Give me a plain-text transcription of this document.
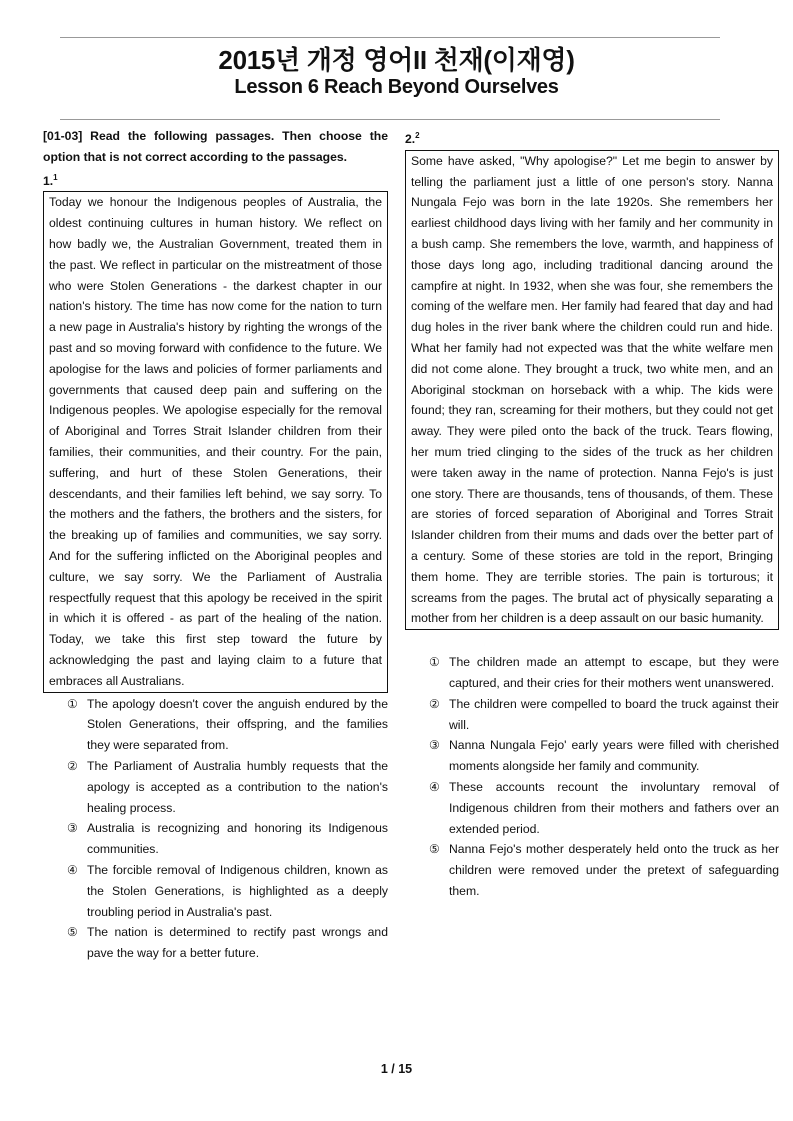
2015년 개정 영어II 천재(이재영)
Lesson 6 Reach Beyond Ourselves
[01-03] Read the following passages. Then choose the option that is not correct according to the passages.
1.$^1$
Today we honour the Indigenous peoples of Australia, the oldest continuing cultures in human history. We reflect on how badly we, the Australian Government, treated them in the past. We reflect in particular on the mistreatment of those who were Stolen Generations - the darkest chapter in our nation's history. The time has now come for the nation to turn a new page in Australia's history by righting the wrongs of the past and so moving forward with confidence to the future. We apologise for the laws and policies of former parliaments and governments that caused deep pain and suffering on the Indigenous peoples. We apologise especially for the removal of Aboriginal and Torres Strait Islander children from their families, their communities, and their country. For the pain, suffering, and hurt of these Stolen Generations, their descendants, and their families left behind, we say sorry. To the mothers and the fathers, the brothers and the sisters, for the breaking up of families and communities, we say sorry. And for the suffering inflicted on the Aboriginal peoples and culture, we say sorry. We the Parliament of Australia respectfully request that this apology be received in the spirit in which it is offered - as part of the healing of the nation. Today, we take this first step toward the future by acknowledging the past and laying claim to a future that embraces all Australians.
① The apology doesn't cover the anguish endured by the Stolen Generations, their offspring, and the families they were separated from.
② The Parliament of Australia humbly requests that the apology is accepted as a contribution to the nation's healing process.
③ Australia is recognizing and honoring its Indigenous communities.
④ The forcible removal of Indigenous children, known as the Stolen Generations, is highlighted as a deeply troubling period in Australia's past.
⑤ The nation is determined to rectify past wrongs and pave the way for a better future.
2.$^2$
Some have asked, "Why apologise?" Let me begin to answer by telling the parliament just a little of one person's story. Nanna Nungala Fejo was born in the late 1920s. She remembers her earliest childhood days living with her family and her community in a bush camp. She remembers the love, warmth, and happiness of those days long ago, including traditional dancing around the campfire at night. In 1932, when she was four, she remembers the coming of the welfare men. Her family had feared that day and had dug holes in the river bank where the children could run and hide. What her family had not expected was that the white welfare men did not come alone. They brought a truck, two white men, and an Aboriginal stockman on horseback with a whip. The kids were found; they ran, screaming for their mothers, but they could not get away. They were piled onto the back of the truck. Tears flowing, her mum tried clinging to the sides of the truck as her children were taken away in the name of protection. Nanna Fejo's is just one story. There are thousands, tens of thousands, of them. These are stories of forced separation of Aboriginal and Torres Strait Islander children from their mums and dads over the better part of a century. Some of these stories are told in the report, Bringing them home. They are terrible stories. The pain is torturous; it screams from the pages. The brutal act of physically separating a mother from her children is a deep assault on our basic humanity.
① The children made an attempt to escape, but they were captured, and their cries for their mothers went unanswered.
② The children were compelled to board the truck against their will.
③ Nanna Nungala Fejo' early years were filled with cherished moments alongside her family and community.
④ These accounts recount the involuntary removal of Indigenous children from their mothers and fathers over an extended period.
⑤ Nanna Fejo's mother desperately held onto the truck as her children were removed under the pretext of safeguarding them.
1 / 15
